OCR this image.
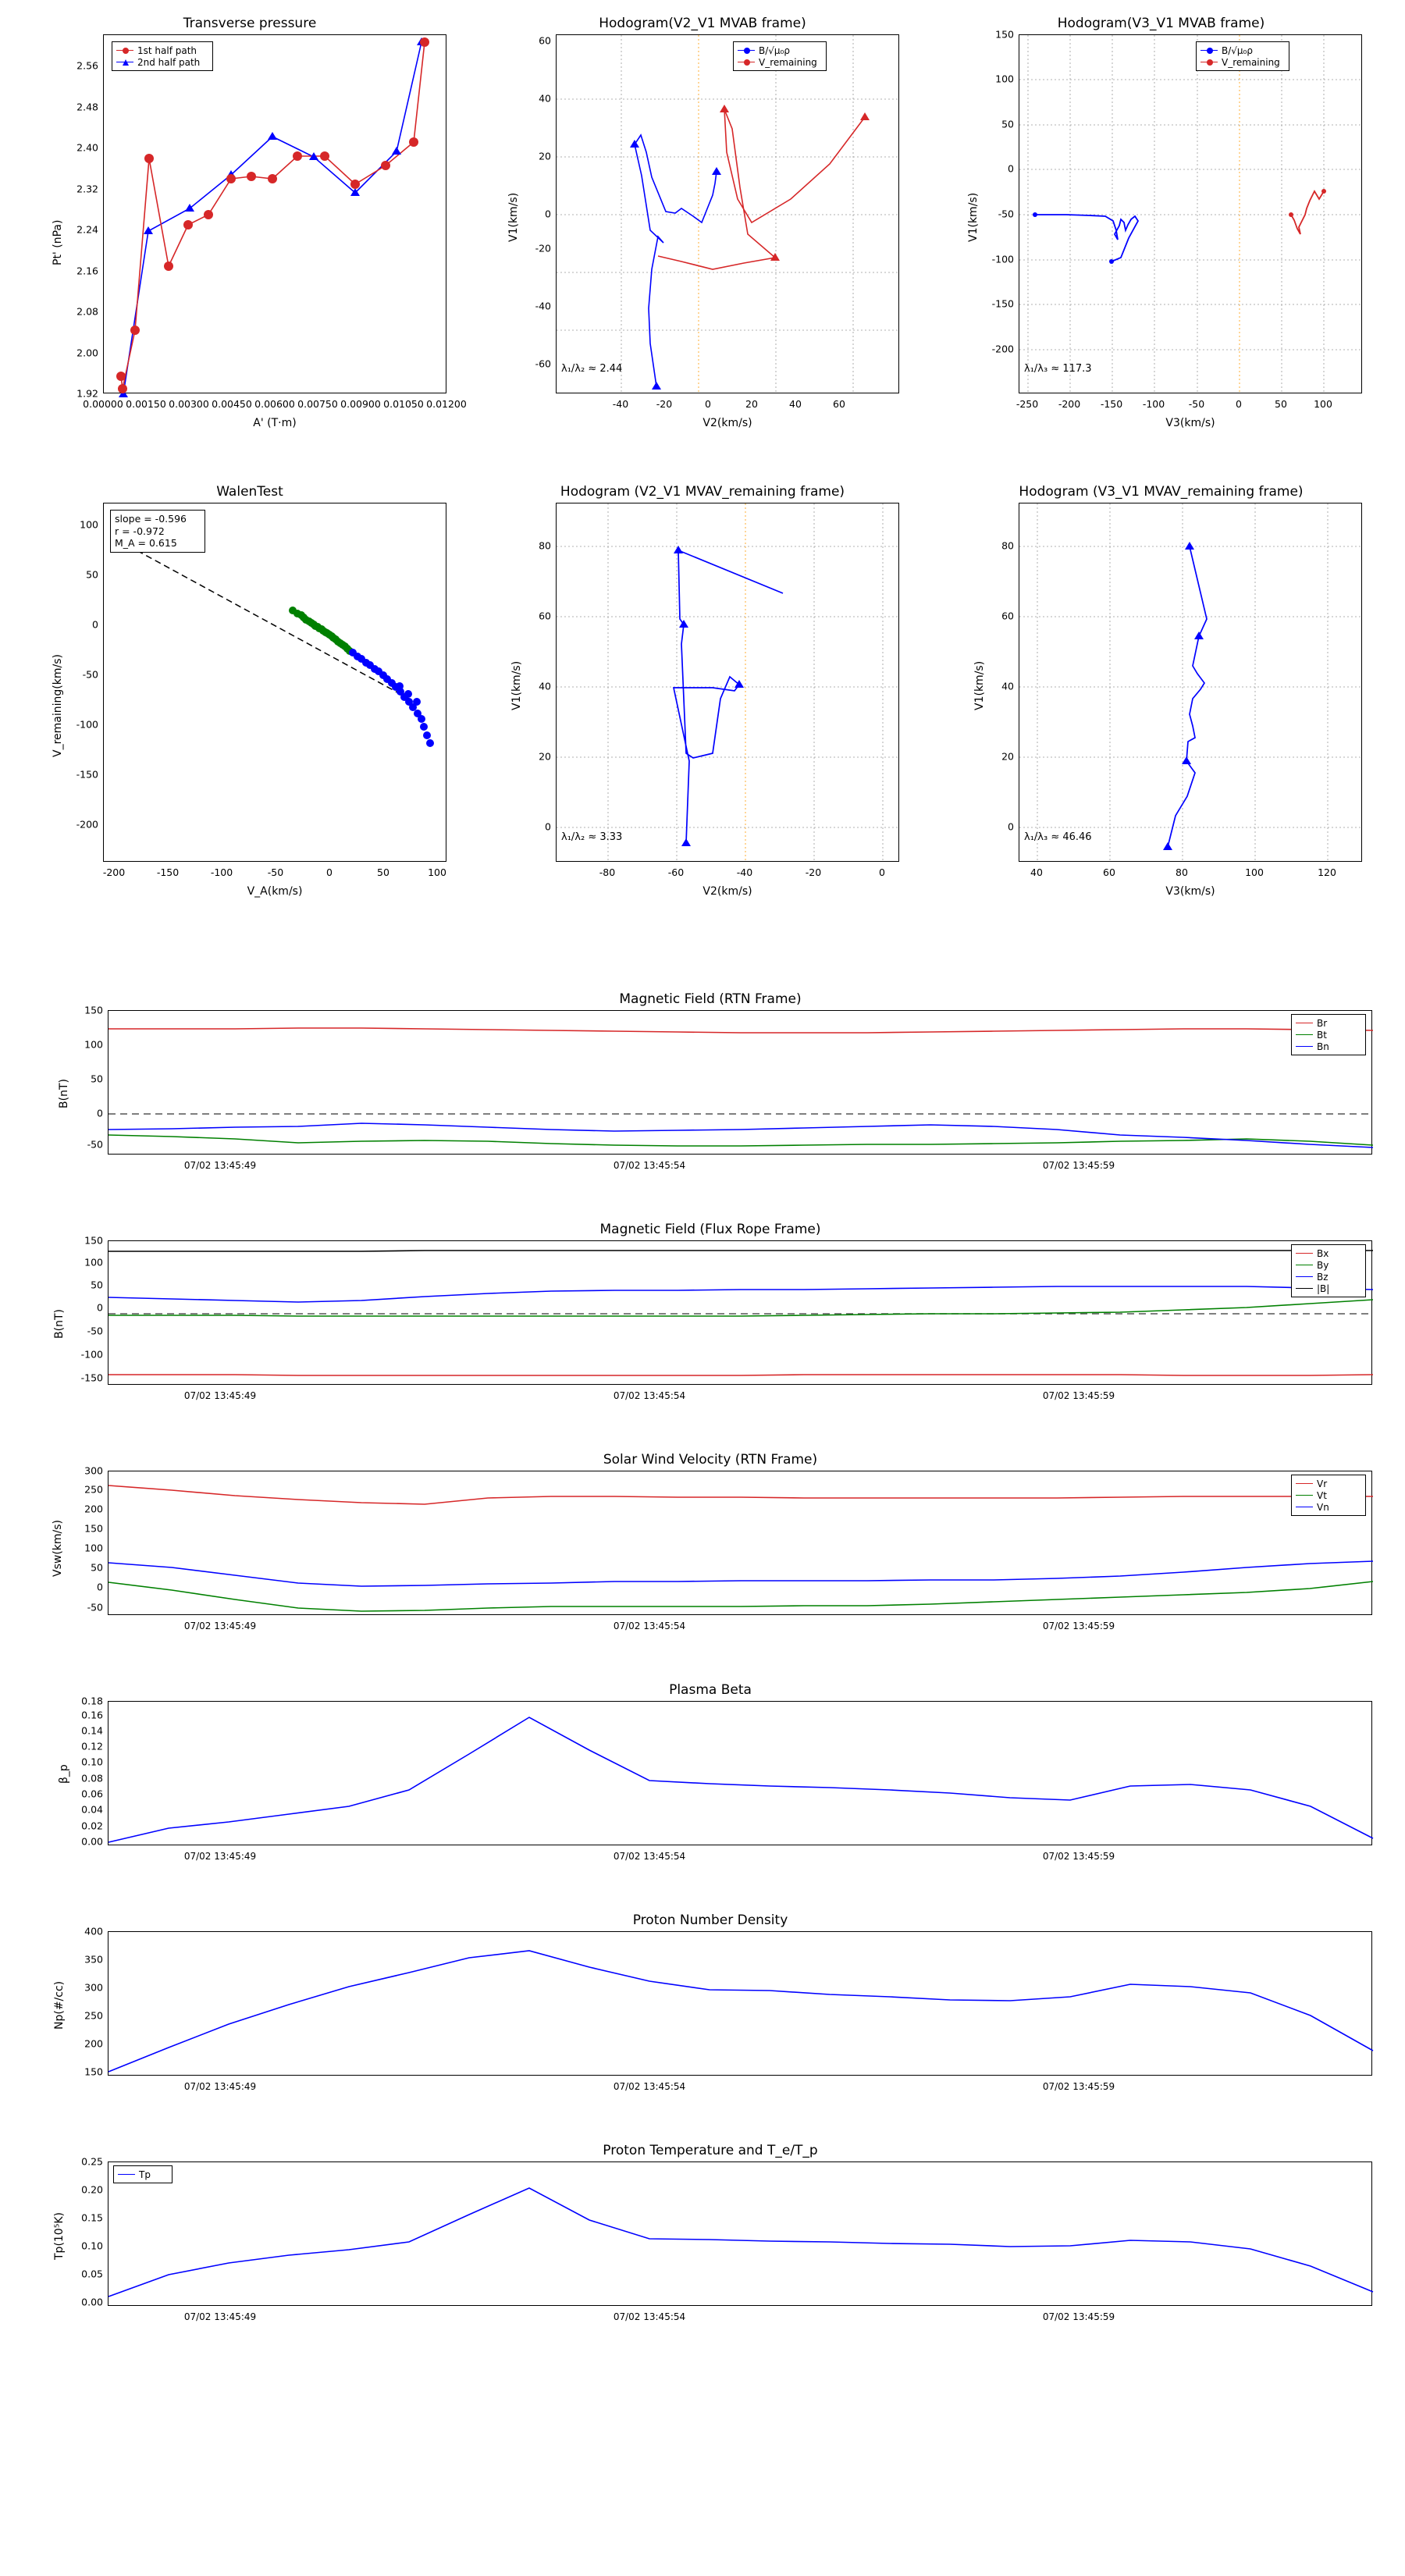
Transverse pressure
1st half path
2nd half path
Pt' (nPa)
A' (T·m)
1.92
2.00
2.08
2.16
2.24
2.32
2.40
2.48
2.56
0.00000 0.00150 0.00300 0.00450 0.00600 0.00750 0.00900 0.01050 0.01200
Hodogram(V2_V1 MVAB frame)
B/√μ₀ρ
V_remaining
λ₁/λ₂ ≈ 2.44
V1(km/s)
V2(km/s)
-60
-40
-20
0
20
40
60
-40	-20	0	20	40	60
Hodogram(V3_V1 MVAB frame)
B/√μ₀ρ
V_remaining
λ₁/λ₃ ≈ 117.3
V1(km/s)
V3(km/s)
-200
-150
-100
-50
0
50
100
150
-250 -200 -150 -100 -50	0	50	100
WalenTest
slope = -0.596
r = -0.972
M_A = 0.615
V_remaining(km/s)
V_A(km/s)
-200
-150
-100
-50
0
50
100
-200	-150	-100	-50	0	50	100
Hodogram (V2_V1 MVAV_remaining frame)
λ₁/λ₂ ≈ 3.33
V1(km/s)
V2(km/s)
0
20
40
60
80
-80	-60	-40	-20	0
Hodogram (V3_V1 MVAV_remaining frame)
λ₁/λ₃ ≈ 46.46
V1(km/s)
V3(km/s)
0
20
40
60
80
40	60	80	100	120
Magnetic Field (RTN Frame)
Br
Bt
Bn
B(nT)
-50
0
50
100
150
07/02 13:45:49	07/02 13:45:54	07/02 13:45:59
Magnetic Field (Flux Rope Frame)
Bx
By
Bz
|B|
B(nT)
-150
-100
-50
0
50
100
150
07/02 13:45:49	07/02 13:45:54	07/02 13:45:59
Solar Wind Velocity (RTN Frame)
Vr
Vt
Vn
Vsw(km/s)
-50
0
50
100
150
200
250
300
07/02 13:45:49	07/02 13:45:54	07/02 13:45:59
Plasma Beta
β_p
0.00
0.02
0.04
0.06
0.08
0.10
0.12
0.14
0.16
0.18
07/02 13:45:49	07/02 13:45:54	07/02 13:45:59
Proton Number Density
Np(#/cc)
150
200
250
300
350
400
07/02 13:45:49	07/02 13:45:54	07/02 13:45:59
Proton Temperature and T_e/T_p
Tp
Tp(10⁵K)
0.00
0.05
0.10
0.15
0.20
0.25
07/02 13:45:49	07/02 13:45:54	07/02 13:45:59
